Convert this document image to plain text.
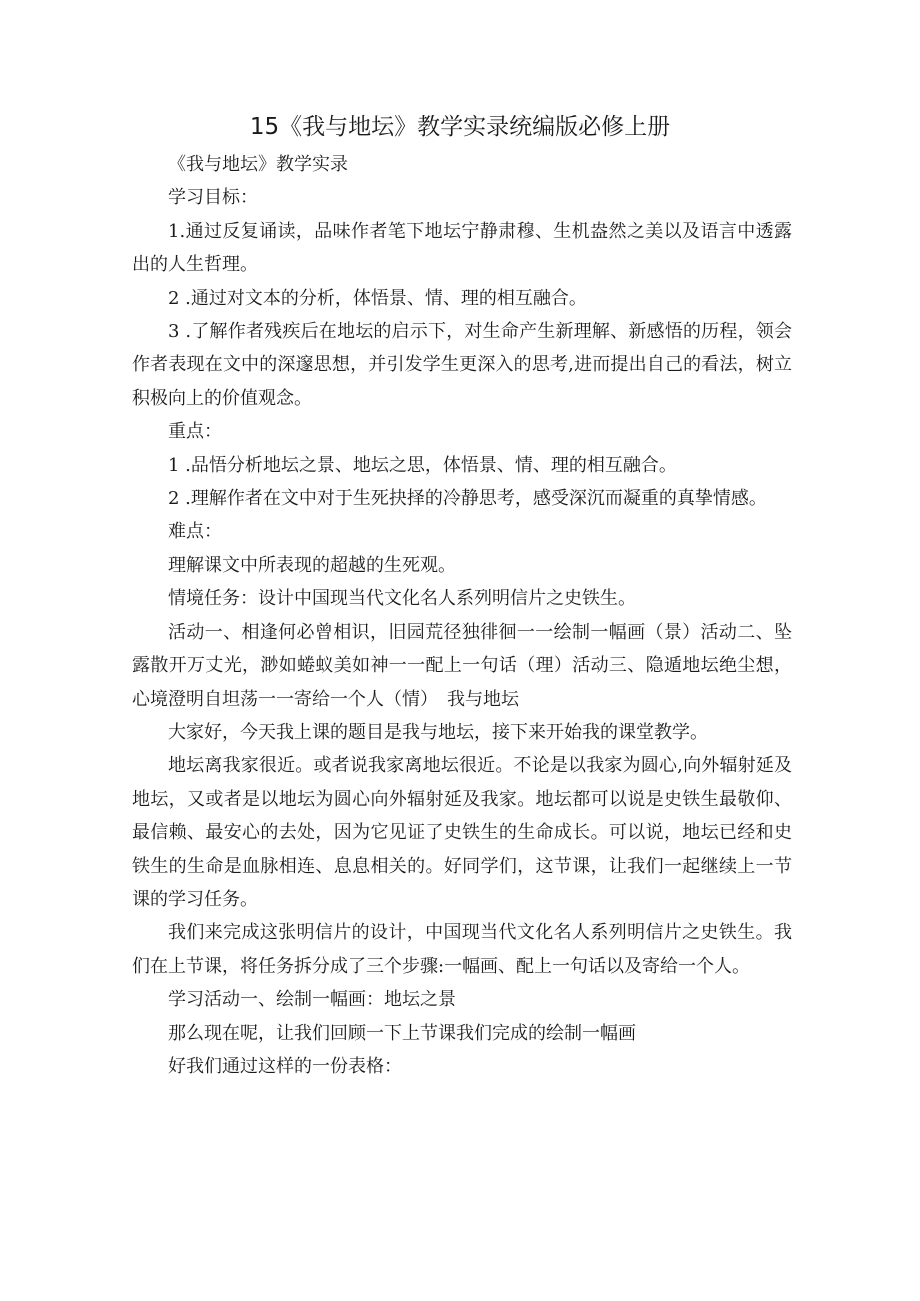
15《我与地坛》教学实录统编版必修上册

《我与地坛》教学实录

学习目标：

1.通过反复诵读，品味作者笔下地坛宁静肃穆、生机盎然之美以及语言中透露出的人生哲理。

2 .通过对文本的分析，体悟景、情、理的相互融合。

3 .了解作者残疾后在地坛的启示下，对生命产生新理解、新感悟的历程，领会作者表现在文中的深邃思想，并引发学生更深入的思考,进而提出自己的看法，树立积极向上的价值观念。

重点：

1 .品悟分析地坛之景、地坛之思，体悟景、情、理的相互融合。

2 .理解作者在文中对于生死抉择的冷静思考，感受深沉而凝重的真挚情感。

难点：

理解课文中所表现的超越的生死观。

情境任务：设计中国现当代文化名人系列明信片之史铁生。

活动一、相逢何必曾相识，旧园荒径独徘徊一一绘制一幅画（景）活动二、坠露散开万丈光，渺如蜷蚁美如神一一配上一句话（理）活动三、隐遁地坛绝尘想，心境澄明自坦荡一一寄给一个人（情）　我与地坛

大家好，今天我上课的题目是我与地坛，接下来开始我的课堂教学。

地坛离我家很近。或者说我家离地坛很近。不论是以我家为圆心,向外辐射延及地坛，又或者是以地坛为圆心向外辐射延及我家。地坛都可以说是史铁生最敬仰、最信赖、最安心的去处，因为它见证了史铁生的生命成长。可以说，地坛已经和史铁生的生命是血脉相连、息息相关的。好同学们，这节课，让我们一起继续上一节课的学习任务。

我们来完成这张明信片的设计，中国现当代文化名人系列明信片之史铁生。我们在上节课，将任务拆分成了三个步骤:一幅画、配上一句话以及寄给一个人。

学习活动一、绘制一幅画：地坛之景

那么现在呢，让我们回顾一下上节课我们完成的绘制一幅画

好我们通过这样的一份表格：
